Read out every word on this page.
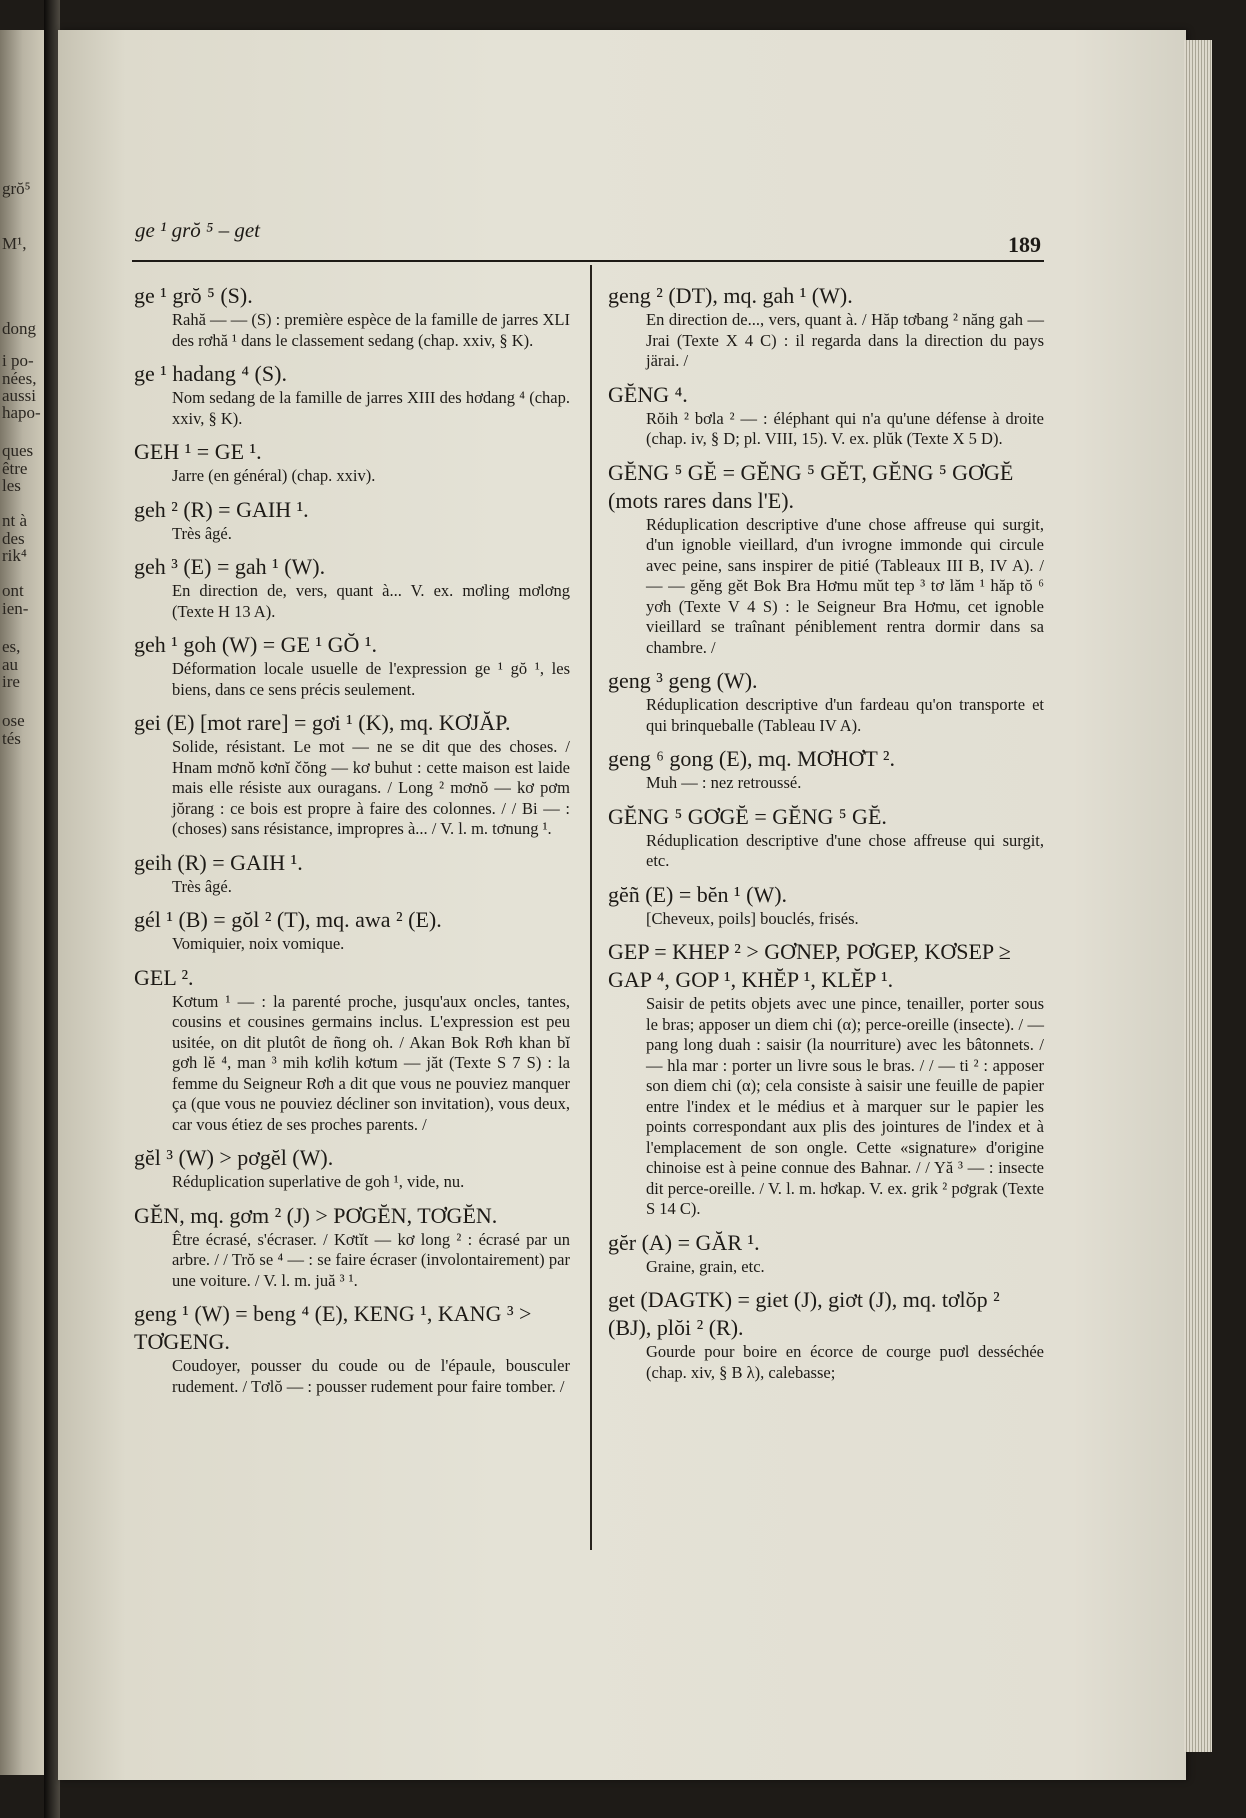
grŏ⁵
M¹,
dong
i po-
nées,
aussi
hapo-
ques
être
les
nt à
des
rik⁴
ont
ien-
es,
au
ire
ose
tés
ge ¹ grŏ ⁵ – get
189
ge ¹ grŏ ⁵ (S).
Rahă — — (S) : première espèce de la famille de jarres XLI des rơhă ¹ dans le classement sedang (chap. xxiv, § K).
ge ¹ hadang ⁴ (S).
Nom sedang de la famille de jarres XIII des hơdang ⁴ (chap. xxiv, § K).
GEH ¹ = GE ¹.
Jarre (en général) (chap. xxiv).
geh ² (R) = GAIH ¹.
Très âgé.
geh ³ (E) = gah ¹ (W).
En direction de, vers, quant à... V. ex. mơling mơlơng (Texte H 13 A).
geh ¹ goh (W) = GE ¹ GŎ ¹.
Déformation locale usuelle de l'expression ge ¹ gŏ ¹, les biens, dans ce sens précis seulement.
gei (E) [mot rare] = gơi ¹ (K), mq. KƠJĂP.
Solide, résistant. Le mot — ne se dit que des choses. / Hnam mơnŏ kơnĭ čŏng — kơ buhut : cette maison est laide mais elle résiste aux ouragans. / Long ² mơnŏ — kơ pơm jŏrang : ce bois est propre à faire des colonnes. / / Bi — : (choses) sans résistance, impropres à... / V. l. m. tơnung ¹.
geih (R) = GAIH ¹.
Très âgé.
gél ¹ (B) = gŏl ² (T), mq. awa ² (E).
Vomiquier, noix vomique.
GEL ².
Kơtum ¹ — : la parenté proche, jusqu'aux oncles, tantes, cousins et cousines germains inclus. L'expression est peu usitée, on dit plutôt de ñong oh. / Akan Bok Rơh khan bĭ gơh lĕ ⁴, man ³ mih kơlih kơtum — jăt (Texte S 7 S) : la femme du Seigneur Rơh a dit que vous ne pouviez manquer ça (que vous ne pouviez décliner son invitation), vous deux, car vous étiez de ses proches parents. /
gĕl ³ (W) > pơgĕl (W).
Réduplication superlative de goh ¹, vide, nu.
GĔN, mq. gơm ² (J) > PƠGĔN, TƠGĔN.
Être écrasé, s'écraser. / Kơtĭt — kơ long ² : écrasé par un arbre. / / Trŏ se ⁴ — : se faire écraser (involontairement) par une voiture. / V. l. m. juă ³ ¹.
geng ¹ (W) = beng ⁴ (E), KENG ¹, KANG ³ > TƠGENG.
Coudoyer, pousser du coude ou de l'épaule, bousculer rudement. / Tơlŏ — : pousser rudement pour faire tomber. /
geng ² (DT), mq. gah ¹ (W).
En direction de..., vers, quant à. / Hăp tơbang ² năng gah — Jrai (Texte X 4 C) : il regarda dans la direction du pays järai. /
GĔNG ⁴.
Rŏih ² bơla ² — : éléphant qui n'a qu'une défense à droite (chap. iv, § D; pl. VIII, 15). V. ex. plŭk (Texte X 5 D).
GĔNG ⁵ GĔ = GĔNG ⁵ GĔT, GĔNG ⁵ GƠGĔ (mots rares dans l'E).
Réduplication descriptive d'une chose affreuse qui surgit, d'un ignoble vieillard, d'un ivrogne immonde qui circule avec peine, sans inspirer de pitié (Tableaux III B, IV A). / — — gĕng gĕt Bok Bra Hơmu mŭt tep ³ tơ lăm ¹ hăp tŏ ⁶ yơh (Texte V 4 S) : le Seigneur Bra Hơmu, cet ignoble vieillard se traînant péniblement rentra dormir dans sa chambre. /
geng ³ geng (W).
Réduplication descriptive d'un fardeau qu'on transporte et qui brinqueballe (Tableau IV A).
geng ⁶ gong (E), mq. MƠHƠT ².
Muh — : nez retroussé.
GĔNG ⁵ GƠGĔ = GĔNG ⁵ GĔ.
Réduplication descriptive d'une chose affreuse qui surgit, etc.
gĕñ (E) = bĕn ¹ (W).
[Cheveux, poils] bouclés, frisés.
GEP = KHEP ² > GƠNEP, PƠGEP, KƠSEP ≥ GAP ⁴, GOP ¹, KHĔP ¹, KLĔP ¹.
Saisir de petits objets avec une pince, tenailler, porter sous le bras; apposer un diem chi (α); perce-oreille (insecte). / — pang long duah : saisir (la nourriture) avec les bâtonnets. / — hla mar : porter un livre sous le bras. / / — ti ² : apposer son diem chi (α); cela consiste à saisir une feuille de papier entre l'index et le médius et à marquer sur le papier les points correspondant aux plis des jointures de l'index et à l'emplacement de son ongle. Cette «signature» d'origine chinoise est à peine connue des Bahnar. / / Yă ³ — : insecte dit perce-oreille. / V. l. m. hơkap. V. ex. grik ² pơgrak (Texte S 14 C).
gĕr (A) = GĂR ¹.
Graine, grain, etc.
get (DAGTK) = giet (J), giơt (J), mq. tơlŏp ² (BJ), plŏi ² (R).
Gourde pour boire en écorce de courge puơl desséchée (chap. xiv, § B λ), calebasse;
